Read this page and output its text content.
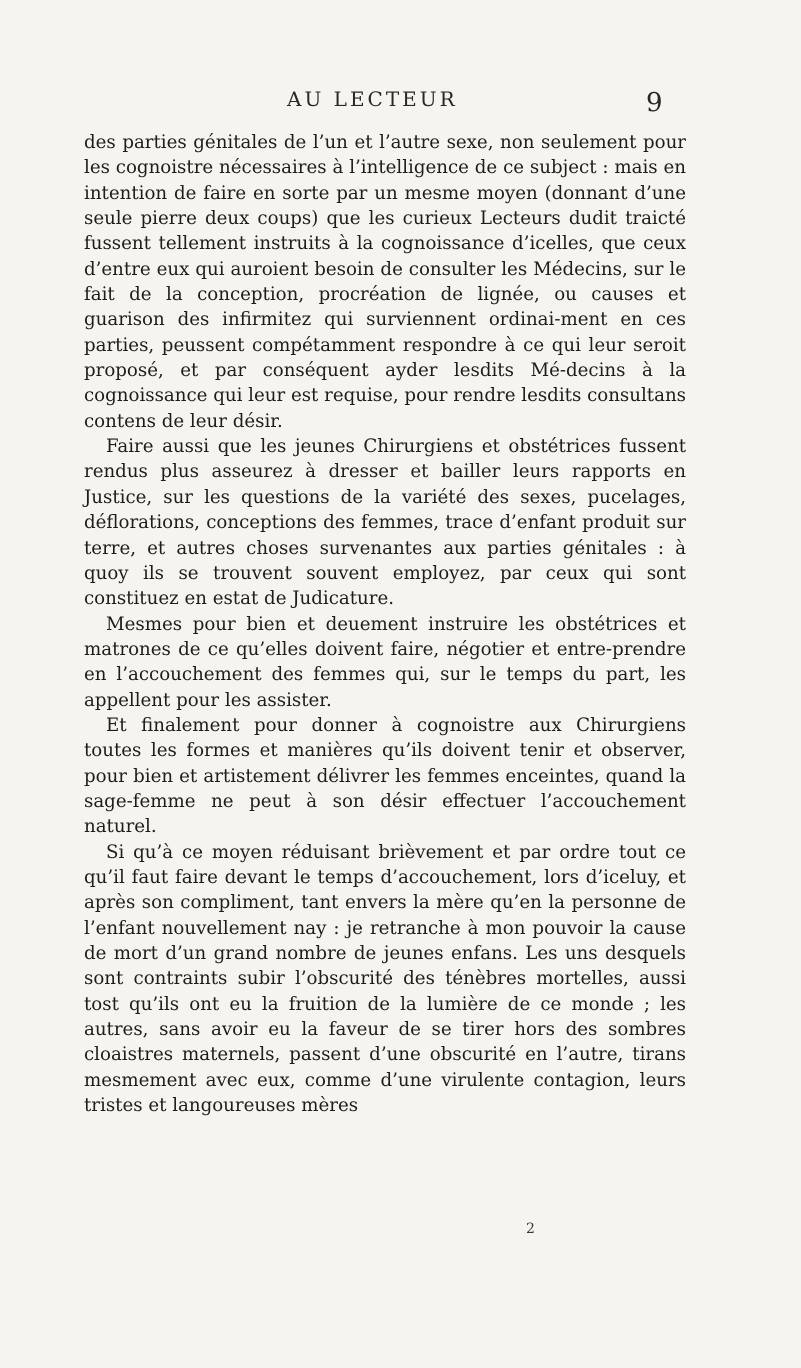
AU LECTEUR	9

des parties génitales de l’un et l’autre sexe, non seulement pour les cognoistre nécessaires à l’intelligence de ce subject : mais en intention de faire en sorte par un mesme moyen (donnant d’une seule pierre deux coups) que les curieux Lecteurs dudit traicté fussent tellement instruits à la cognoissance d’icelles, que ceux d’entre eux qui auroient besoin de consulter les Médecins, sur le fait de la conception, procréation de lignée, ou causes et guarison des infirmitez qui surviennent ordinai-ment en ces parties, peussent compétamment respondre à ce qui leur seroit proposé, et par conséquent ayder lesdits Mé-decins à la cognoissance qui leur est requise, pour rendre lesdits consultans contens de leur désir.

Faire aussi que les jeunes Chirurgiens et obstétrices fussent rendus plus asseurez à dresser et bailler leurs rapports en Justice, sur les questions de la variété des sexes, pucelages, déflorations, conceptions des femmes, trace d’enfant produit sur terre, et autres choses survenantes aux parties génitales : à quoy ils se trouvent souvent employez, par ceux qui sont constituez en estat de Judicature.

Mesmes pour bien et deuement instruire les obstétrices et matrones de ce qu’elles doivent faire, négotier et entre-prendre en l’accouchement des femmes qui, sur le temps du part, les appellent pour les assister.

Et finalement pour donner à cognoistre aux Chirurgiens toutes les formes et manières qu’ils doivent tenir et observer, pour bien et artistement délivrer les femmes enceintes, quand la sage-femme ne peut à son désir effectuer l’accouchement naturel.

Si qu’à ce moyen réduisant brièvement et par ordre tout ce qu’il faut faire devant le temps d’accouchement, lors d’iceluy, et après son compliment, tant envers la mère qu’en la personne de l’enfant nouvellement nay : je retranche à mon pouvoir la cause de mort d’un grand nombre de jeunes enfans. Les uns desquels sont contraints subir l’obscurité des ténèbres mortelles, aussi tost qu’ils ont eu la fruition de la lumière de ce monde ; les autres, sans avoir eu la faveur de se tirer hors des sombres cloaistres maternels, passent d’une obscurité en l’autre, tirans mesmement avec eux, comme d’une virulente contagion, leurs tristes et langoureuses mères

2
